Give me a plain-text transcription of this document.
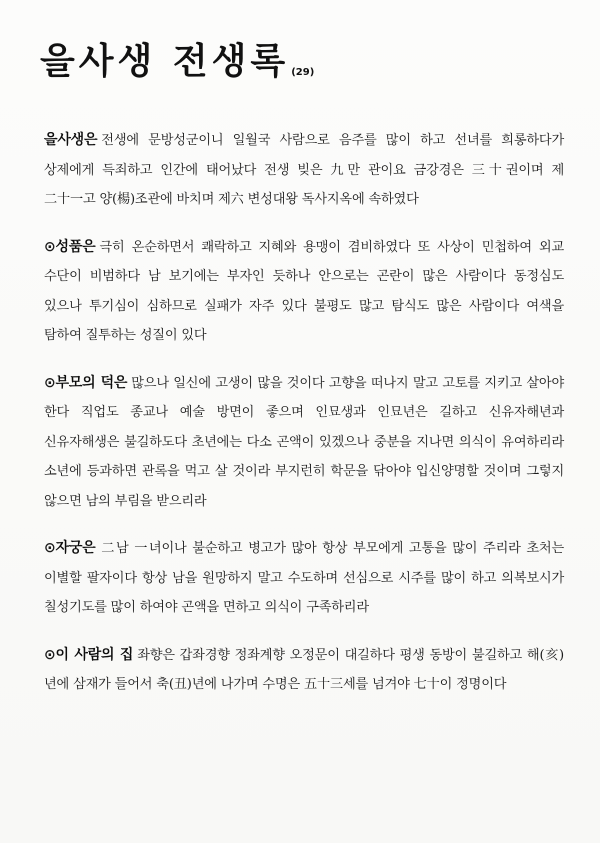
을사생 전생록 (29)

을사생은 전생에 문방성군이니 일월국 사람으로 음주를 많이 하고 선녀를 희롱하다가 상제에게 득죄하고 인간에 태어났다 전생 빚은 九만 관이요 금강경은 三十권이며 제 二十一고 양(楊)조관에 바치며 제六 변성대왕 독사지옥에 속하였다

⊙성품은 극히 온순하면서 쾌락하고 지혜와 용맹이 겸비하였다 또 사상이 민첩하여 외교 수단이 비범하다 남 보기에는 부자인 듯하나 안으로는 곤란이 많은 사람이다 동정심도 있으나 투기심이 심하므로 실패가 자주 있다 불평도 많고 탐식도 많은 사람이다 여색을 탐하여 질투하는 성질이 있다

⊙부모의 덕은 많으나 일신에 고생이 많을 것이다 고향을 떠나지 말고 고토를 지키고 살아야 한다 직업도 종교나 예술 방면이 좋으며 인묘생과 인묘년은 길하고 신유자해년과 신유자해생은 불길하도다 초년에는 다소 곤액이 있겠으나 중분을 지나면 의식이 유여하리라 소년에 등과하면 관록을 먹고 살 것이라 부지런히 학문을 닦아야 입신양명할 것이며 그렇지 않으면 남의 부림을 받으리라

⊙자궁은 二남 一녀이나 불순하고 병고가 많아 항상 부모에게 고통을 많이 주리라 초처는 이별할 팔자이다 항상 남을 원망하지 말고 수도하며 선심으로 시주를 많이 하고 의복보시가 칠성기도를 많이 하여야 곤액을 면하고 의식이 구족하리라

⊙이 사람의 집 좌향은 갑좌경향 정좌계향 오정문이 대길하다 평생 동방이 불길하고 해(亥)년에 삼재가 들어서 축(丑)년에 나가며 수명은 五十三세를 넘겨야 七十이 정명이다
